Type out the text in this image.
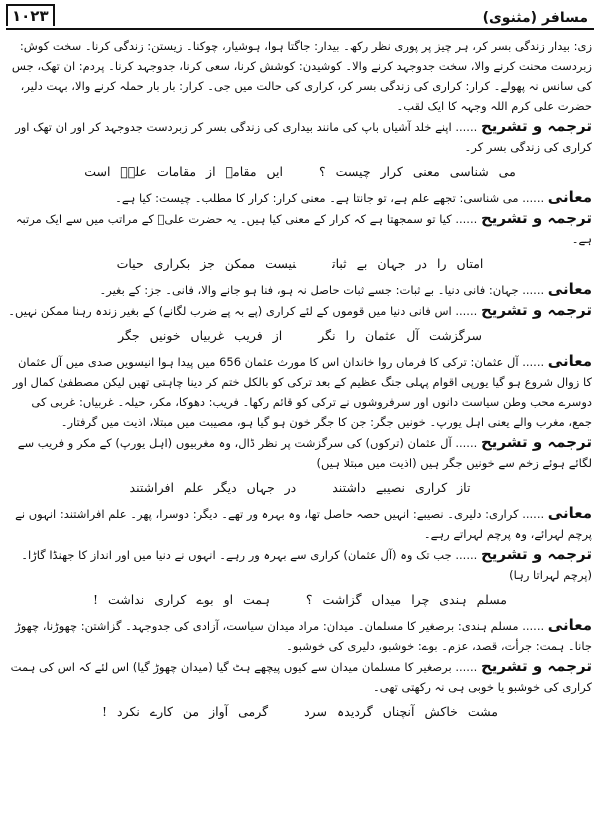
۱۰۲۳	مسافر (مثنوی)

زی: بیدار زندگی بسر کر، ہر چیز پر پوری نظر رکھ۔ بیدار: جاگتا ہوا، ہوشیار، چوکنا۔ زیستن: زندگی کرنا۔ سخت کوش: زبردست محنت کرنے والا، سخت جدوجہد کرنے والا۔ کوشیدن: کوشش کرنا، سعی کرنا، جدوجہد کرنا۔ پردم: ان تھک، جس کی سانس نہ پھولے۔ کرار: کراری کی زندگی بسر کر، کراری کی حالت میں جی۔ کرار: بار بار حملہ کرنے والا، بہت دلیر، حضرت علی کرم اللہ وجہہ کا ایک لقب۔

ترجمہ و تشریح ...... اپنے خلد آشیاں باپ کی مانند بیداری کی زندگی بسر کر زبردست جدوجہد کر اور ان تھک اور کراری کی زندگی بسر کر۔

می شناسی معنی کرار چیست ؟ایں مقامے از مقامات علیؑ است

معانی ...... می شناسی: تجھے علم ہے، تو جانتا ہے۔ معنی کرار: کرار کا مطلب۔ چیست: کیا ہے۔

ترجمہ و تشریح ...... کیا تو سمجھتا ہے کہ کرار کے معنی کیا ہیں۔ یہ حضرت علیؑ کے مراتب میں سے ایک مرتبہ ہے۔

امتاں را در جہان بے ثباتنیست ممکن جز بکراری حیات

معانی ...... جہان: فانی دنیا۔ بے ثبات: جسے ثبات حاصل نہ ہو، فنا ہو جانے والا، فانی۔ جز: کے بغیر۔

ترجمہ و تشریح ...... اس فانی دنیا میں قوموں کے لئے کراری (پے بہ پے ضرب لگانے) کے بغیر زندہ رہنا ممکن نہیں۔

سرگزشت آل عثمان را نگراز فریب غربیاں خونیں جگر

معانی ...... آل عثمان: ترکی کا فرماں روا خاندان اس کا مورث عثمان 656 میں پیدا ہوا انیسویں صدی میں آل عثمان کا زوال شروع ہو گیا یورپی اقوام پہلی جنگ عظیم کے بعد ترکی کو بالکل ختم کر دینا چاہتی تھیں لیکن مصطفیٰ کمال اور دوسرے محب وطن سیاست دانوں اور سرفروشوں نے ترکی کو قائم رکھا۔ فریب: دھوکا، مکر، حیلہ۔ غربیاں: غربی کی جمع، مغرب والے یعنی اہل یورپ۔ خونیں جگر: جن کا جگر خون ہو گیا ہو، مصیبت میں مبتلا، اذیت میں گرفتار۔

ترجمہ و تشریح ...... آل عثمان (ترکوں) کی سرگزشت پر نظر ڈال، وہ مغربیوں (اہل یورپ) کے مکر و فریب سے لگائے ہوئے زخم سے خونیں جگر ہیں (اذیت میں مبتلا ہیں)

تاز کراری نصیبے داشتنددر جہاں دیگر علم افراشتند

معانی ...... کراری: دلیری۔ نصیبے: انہیں حصہ حاصل تھا، وہ بہرہ ور تھے۔ دیگر: دوسرا، پھر۔ علم افراشتند: انہوں نے پرچم لہرائے، وہ پرچم لہراتے رہے۔

ترجمہ و تشریح ...... جب تک وہ (آل عثمان) کراری سے بہرہ ور رہے۔ انہوں نے دنیا میں اور انداز کا جھنڈا گاڑا۔ (پرچم لہراتا رہا)

مسلم ہندی چرا میداں گزاشت ؟ہمت او بوے کراری نداشت !

معانی ...... مسلم ہندی: برصغیر کا مسلمان۔ میدان: مراد میدان سیاست، آزادی کی جدوجہد۔ گزاشتن: چھوڑنا، چھوڑ جانا۔ ہمت: جرأت، قصد، عزم۔ بوے: خوشبو، دلیری کی خوشبو۔

ترجمہ و تشریح ...... برصغیر کا مسلمان میدان سے کیوں پیچھے ہٹ گیا (میدان چھوڑ گیا) اس لئے کہ اس کی ہمت کراری کی خوشبو یا خوبی ہی نہ رکھتی تھی۔

مشت خاکش آنچناں گردیدہ سردگرمی آواز من کارے نکرد !
